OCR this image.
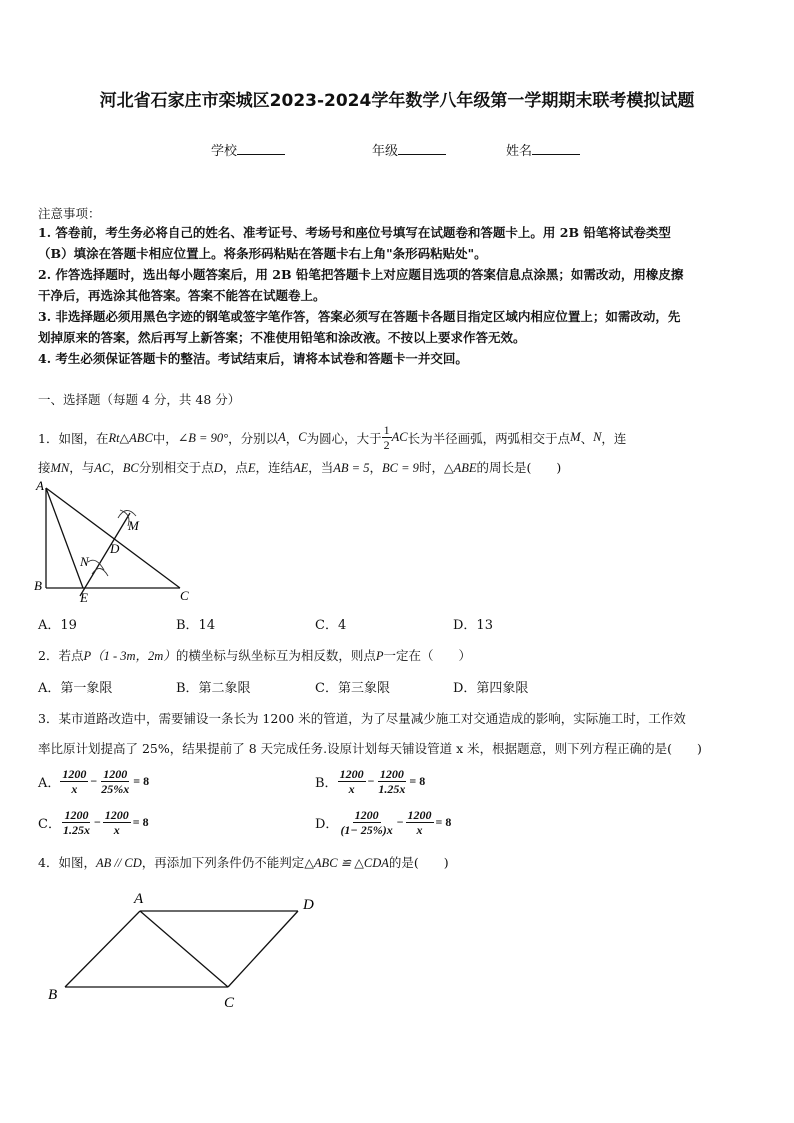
河北省石家庄市栾城区2023-2024学年数学八年级第一学期期末联考模拟试题
学校	年级	姓名
注意事项：
1. 答卷前，考生务必将自己的姓名、准考证号、考场号和座位号填写在试题卷和答题卡上。用 2B 铅笔将试卷类型
（B）填涂在答题卡相应位置上。将条形码粘贴在答题卡右上角"条形码粘贴处"。
2. 作答选择题时，选出每小题答案后，用 2B 铅笔把答题卡上对应题目选项的答案信息点涂黑；如需改动，用橡皮擦
干净后，再选涂其他答案。答案不能答在试题卷上。
3. 非选择题必须用黑色字迹的钢笔或签字笔作答，答案必须写在答题卡各题目指定区域内相应位置上；如需改动，先
划掉原来的答案，然后再写上新答案；不准使用铅笔和涂改液。不按以上要求作答无效。
4. 考生必须保证答题卡的整洁。考试结束后，请将本试卷和答题卡一并交回。
一、选择题（每题 4 分，共 48 分）
1．如图，在 Rt△ABC 中， ∠B = 90° ，分别以 A ， C 为圆心，大于 $\frac{1}{2}$ AC 长为半径画弧，两弧相交于点 M 、 N ，连
接MN，与AC，BC分别相交于点D，点E，连结AE，当AB = 5，BC = 9时，△ABE的周长是(　　)
A
B
C
D
E
M
N
A．19	B．14	C．4	D．13
2．若点P（1 - 3m，2m）的横坐标与纵坐标互为相反数，则点P一定在（　　）
A．第一象限	B．第二象限	C．第三象限	D．第四象限
3．某市道路改造中，需要铺设一条长为 1200 米的管道，为了尽量减少施工对交通造成的影响，实际施工时，工作效
率比原计划提高了 25%，结果提前了 8 天完成任务.设原计划每天铺设管道 x 米，根据题意，则下列方程正确的是(　　)
A． $\frac{1200}{x} - \frac{1200}{25\%x} = 8$	B． $\frac{1200}{x} - \frac{1200}{1.25x} = 8$
C． $\frac{1200}{1.25x} - \frac{1200}{x} = 8$	D． $\frac{1200}{(1- 25\%)x} - \frac{1200}{x} = 8$
4．如图，AB // CD，再添加下列条件仍不能判定△ABC ≌ △CDA的是(　　)
A
B	C
D
